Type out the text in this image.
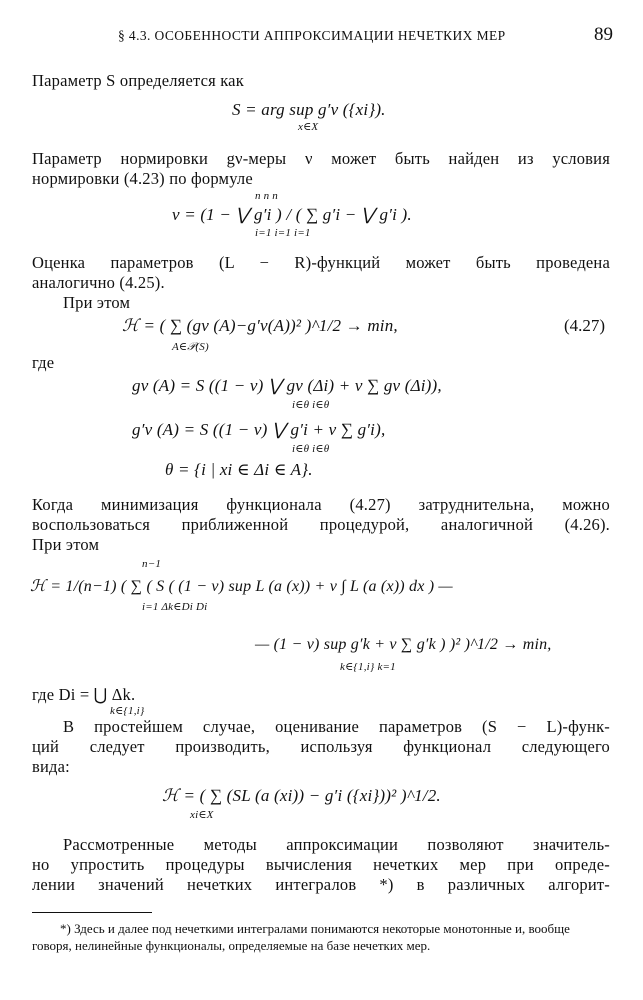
§ 4.3. ОСОБЕННОСТИ АППРОКСИМАЦИИ НЕЧЕТКИХ МЕР	89
Параметр S определяется как
S = arg sup g′ν ({xi}).
x∈X
Параметр нормировки gν-меры ν может быть найден из условия
нормировки (4.23) по формуле
n n n
ν = (1 − ⋁ g′i ) / ( ∑ g′i − ⋁ g′i ).
i=1 i=1 i=1
Оценка параметров (L − R)-функций может быть проведена
аналогично (4.25).
При этом
ℋ = ( ∑ (gν (A)−g′ν(A))² )^1/2 → min,
A∈𝒫(S)
(4.27)
где
gν (A) = S ((1 − ν) ⋁ gν (Δi) + ν ∑ gν (Δi)),
i∈θ i∈θ
g′ν (A) = S ((1 − ν) ⋁ g′i + ν ∑ g′i),
i∈θ i∈θ
θ = {i | xi ∈ Δi ∈ A}.
Когда минимизация функционала (4.27) затруднительна, можно
воспользоваться приближенной процедурой, аналогичной (4.26).
При этом
n−1
ℋ = 1/(n−1) ( ∑ ( S ( (1 − ν) sup L (a (x)) + ν ∫ L (a (x)) dx ) —
i=1 Δk∈Di Di
— (1 − ν) sup g′k + ν ∑ g′k ) )² )^1/2 → min,
k∈{1,i} k=1
где Di = ⋃ Δk.
k∈{1,i}
В простейшем случае, оценивание параметров (S − L)-функ-
ций следует производить, используя функционал следующего
вида:
ℋ = ( ∑ (SL (a (xi)) − g′i ({xi}))² )^1/2.
xi∈X
Рассмотренные методы аппроксимации позволяют значитель-
но упростить процедуры вычисления нечетких мер при опреде-
лении значений нечетких интегралов *) в различных алгорит-
*) Здесь и далее под нечеткими интегралами понимаются некоторые монотонные и, вообще говоря, нелинейные функционалы, определяемые на базе нечетких мер.
